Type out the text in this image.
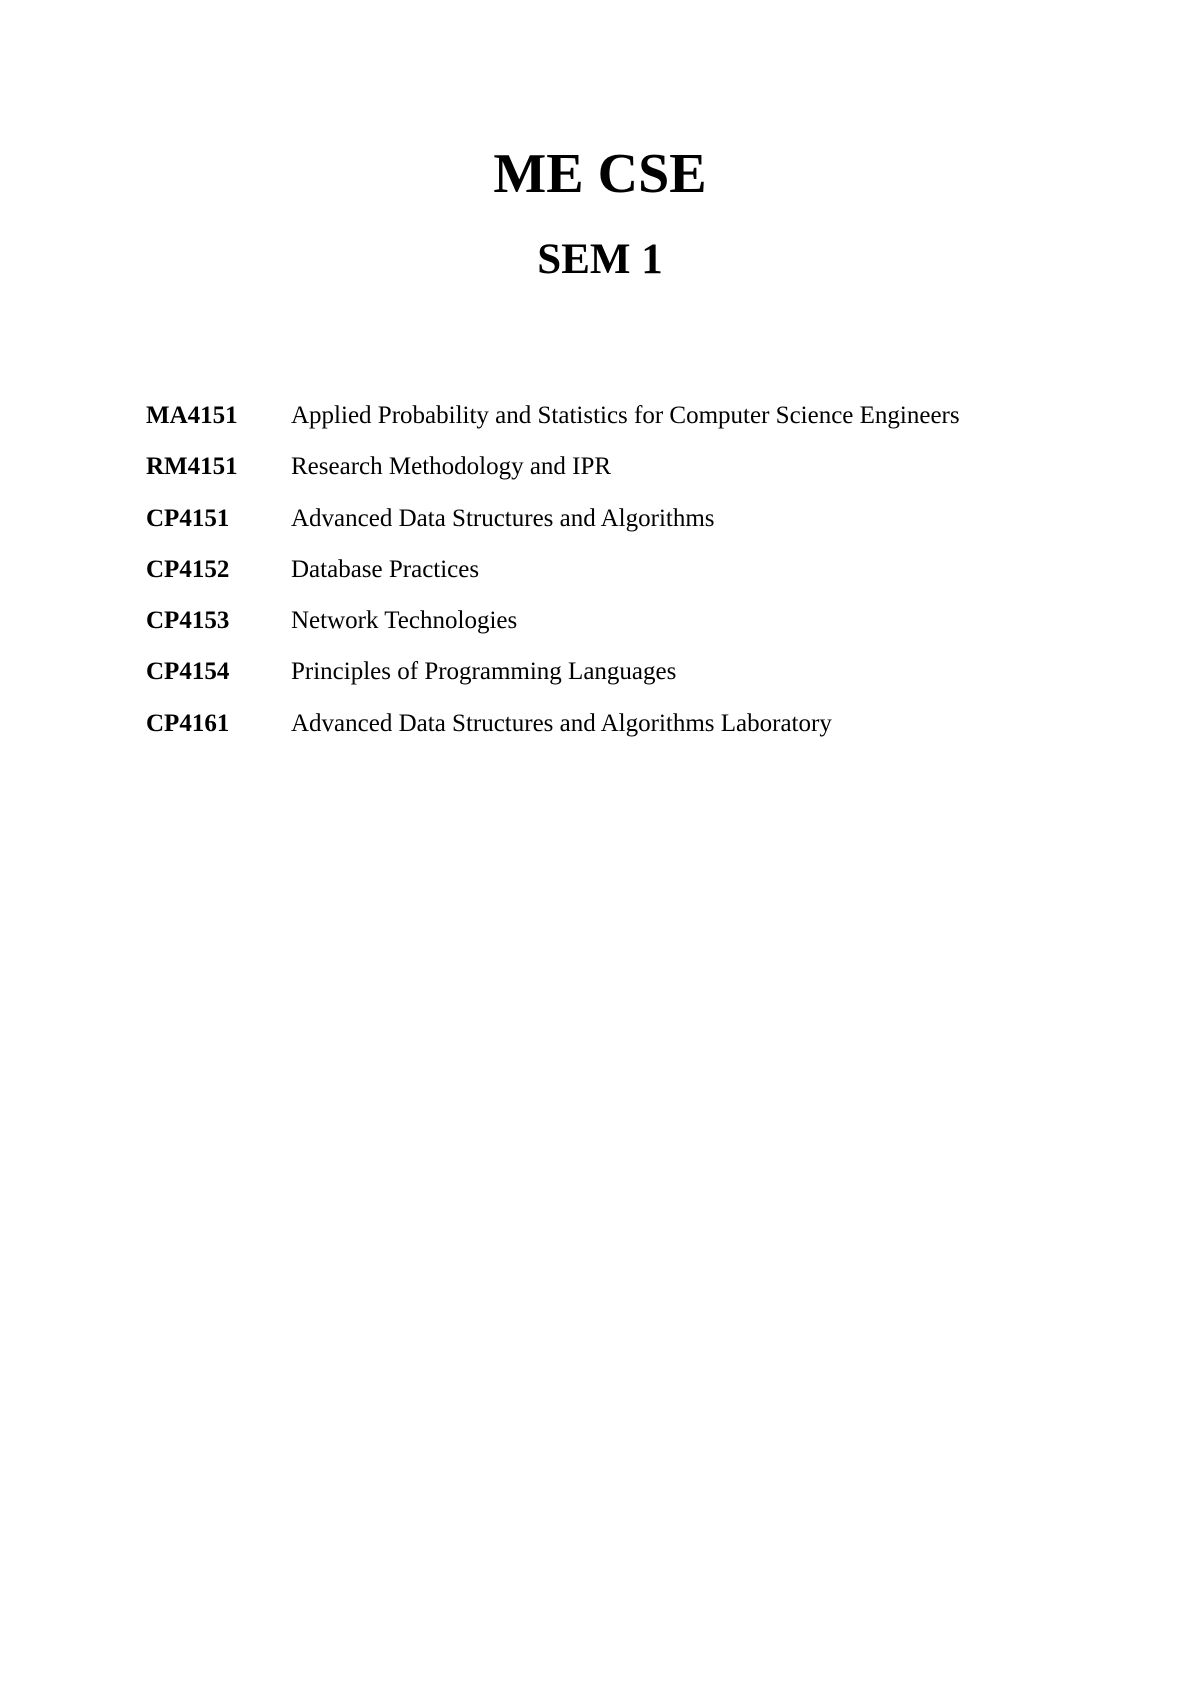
ME CSE
SEM 1
MA4151	Applied Probability and Statistics for Computer Science Engineers
RM4151	Research Methodology and IPR
CP4151	Advanced Data Structures and Algorithms
CP4152	Database Practices
CP4153	Network Technologies
CP4154	Principles of Programming Languages
CP4161	Advanced Data Structures and Algorithms Laboratory
